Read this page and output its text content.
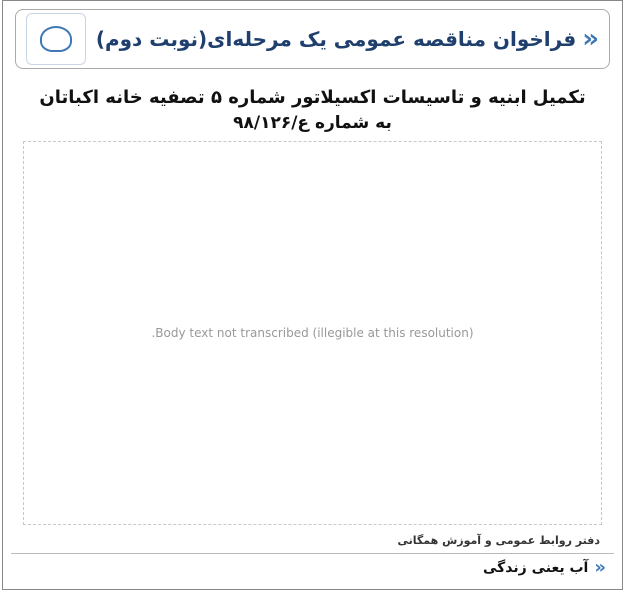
«
فراخوان مناقصه عمومی یک مرحله‌ای(نوبت دوم)
تکمیل ابنیه و تاسیسات اکسیلاتور شماره ۵ تصفیه خانه اکباتان
به شماره ع/۹۸/۱۲۶
Body text not transcribed (illegible at this resolution).
دفتر روابط عمومی و آموزش همگانی
«
آب یعنی زندگی
